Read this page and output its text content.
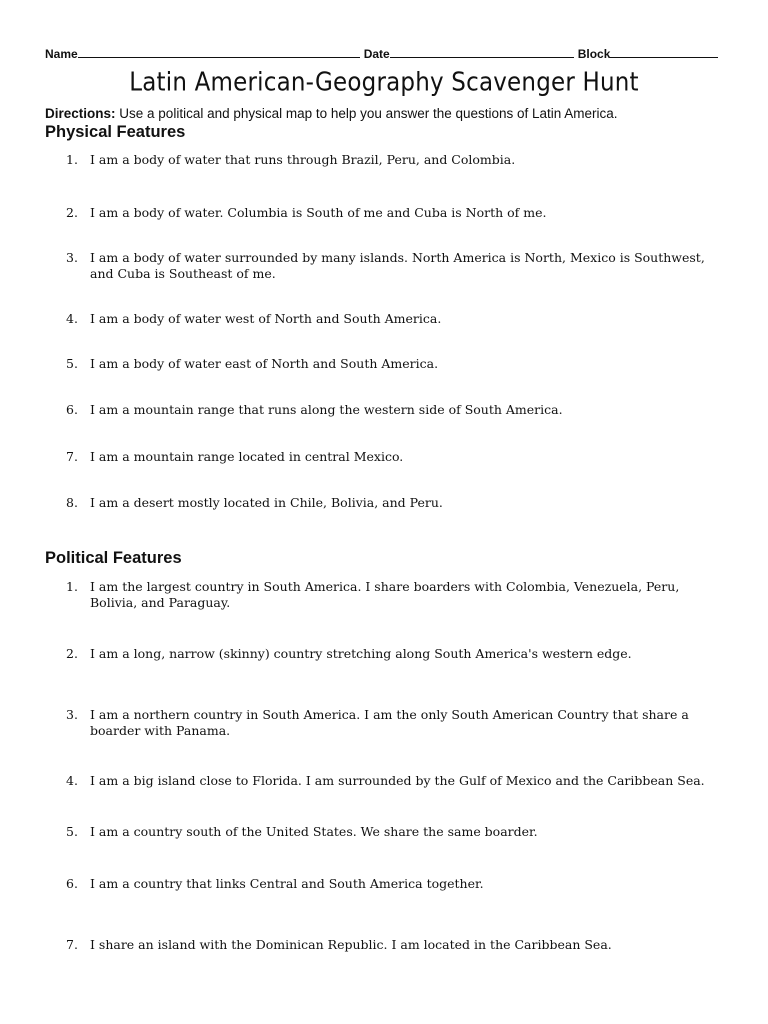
Name	Date	Block
Latin American-Geography Scavenger Hunt
Directions: Use a political and physical map to help you answer the questions of Latin America.
Physical Features
1. I am a body of water that runs through Brazil, Peru, and Colombia.
2. I am a body of water. Columbia is South of me and Cuba is North of me.
3. I am a body of water surrounded by many islands. North America is North, Mexico is Southwest, and Cuba is Southeast of me.
4. I am a body of water west of North and South America.
5. I am a body of water east of North and South America.
6. I am a mountain range that runs along the western side of South America.
7. I am a mountain range located in central Mexico.
8. I am a desert mostly located in Chile, Bolivia, and Peru.
Political Features
1. I am the largest country in South America. I share boarders with Colombia, Venezuela, Peru, Bolivia, and Paraguay.
2. I am a long, narrow (skinny) country stretching along South America's western edge.
3. I am a northern country in South America. I am the only South American Country that share a boarder with Panama.
4. I am a big island close to Florida. I am surrounded by the Gulf of Mexico and the Caribbean Sea.
5. I am a country south of the United States. We share the same boarder.
6. I am a country that links Central and South America together.
7. I share an island with the Dominican Republic. I am located in the Caribbean Sea.
